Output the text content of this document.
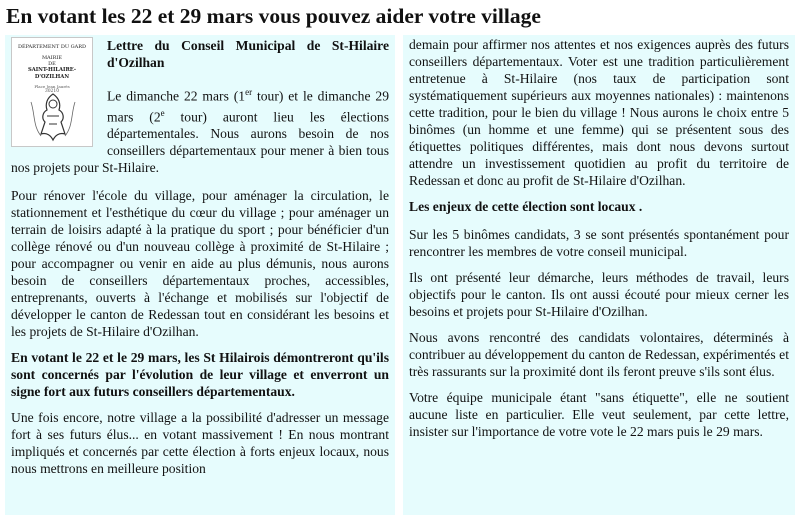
En votant les 22 et 29 mars vous pouvez aider votre village
DÉPARTEMENT DU GARD
MAIRIE
DE
SAINT-HILAIRE-D'OZILHAN
Place Jean Jaurès
30210

Lettre du Conseil Municipal de St-Hilaire d'Ozilhan

Le dimanche 22 mars (1er tour) et le dimanche 29 mars (2e tour) auront lieu les élections départementales. Nous aurons besoin de nos conseillers départementaux pour mener à bien tous nos projets pour St-Hilaire.

Pour rénover l'école du village, pour aménager la circulation, le stationnement et l'esthétique du cœur du village ; pour aménager un terrain de loisirs adapté à la pratique du sport ; pour bénéficier d'un collège rénové ou d'un nouveau collège à proximité de St-Hilaire ; pour accompagner ou venir en aide au plus démunis, nous aurons besoin de conseillers départementaux proches, accessibles, entreprenants, ouverts à l'échange et mobilisés sur l'objectif de développer le canton de Redessan tout en considérant les besoins et les projets de St-Hilaire d'Ozilhan.

En votant le 22 et le 29 mars, les St Hilairois démontreront qu'ils sont concernés par l'évolution de leur village et enverront un signe fort aux futurs conseillers départementaux.

Une fois encore, notre village a la possibilité d'adresser un message fort à ses futurs élus... en votant massivement ! En nous montrant impliqués et concernés par cette élection à forts enjeux locaux, nous nous mettrons en meilleure position

demain pour affirmer nos attentes et nos exigences auprès des futurs conseillers départementaux. Voter est une tradition particulièrement entretenue à St-Hilaire (nos taux de participation sont systématiquement supérieurs aux moyennes nationales) : maintenons cette tradition, pour le bien du village ! Nous aurons le choix entre 5 binômes (un homme et une femme) qui se présentent sous des étiquettes politiques différentes, mais dont nous devons surtout attendre un investissement quotidien au profit du territoire de Redessan et donc au profit de St-Hilaire d'Ozilhan.

Les enjeux de cette élection sont locaux .

Sur les 5 binômes candidats, 3 se sont présentés spontanément pour rencontrer les membres de votre conseil municipal.

Ils ont présenté leur démarche, leurs méthodes de travail, leurs objectifs pour le canton. Ils ont aussi écouté pour mieux cerner les besoins et projets pour St-Hilaire d'Ozilhan.

Nous avons rencontré des candidats volontaires, déterminés à contribuer au développement du canton de Redessan, expérimentés et très rassurants sur la proximité dont ils feront preuve s'ils sont élus.

Votre équipe municipale étant "sans étiquette", elle ne soutient aucune liste en particulier. Elle veut seulement, par cette lettre, insister sur l'importance de votre vote le 22 mars puis le 29 mars.
